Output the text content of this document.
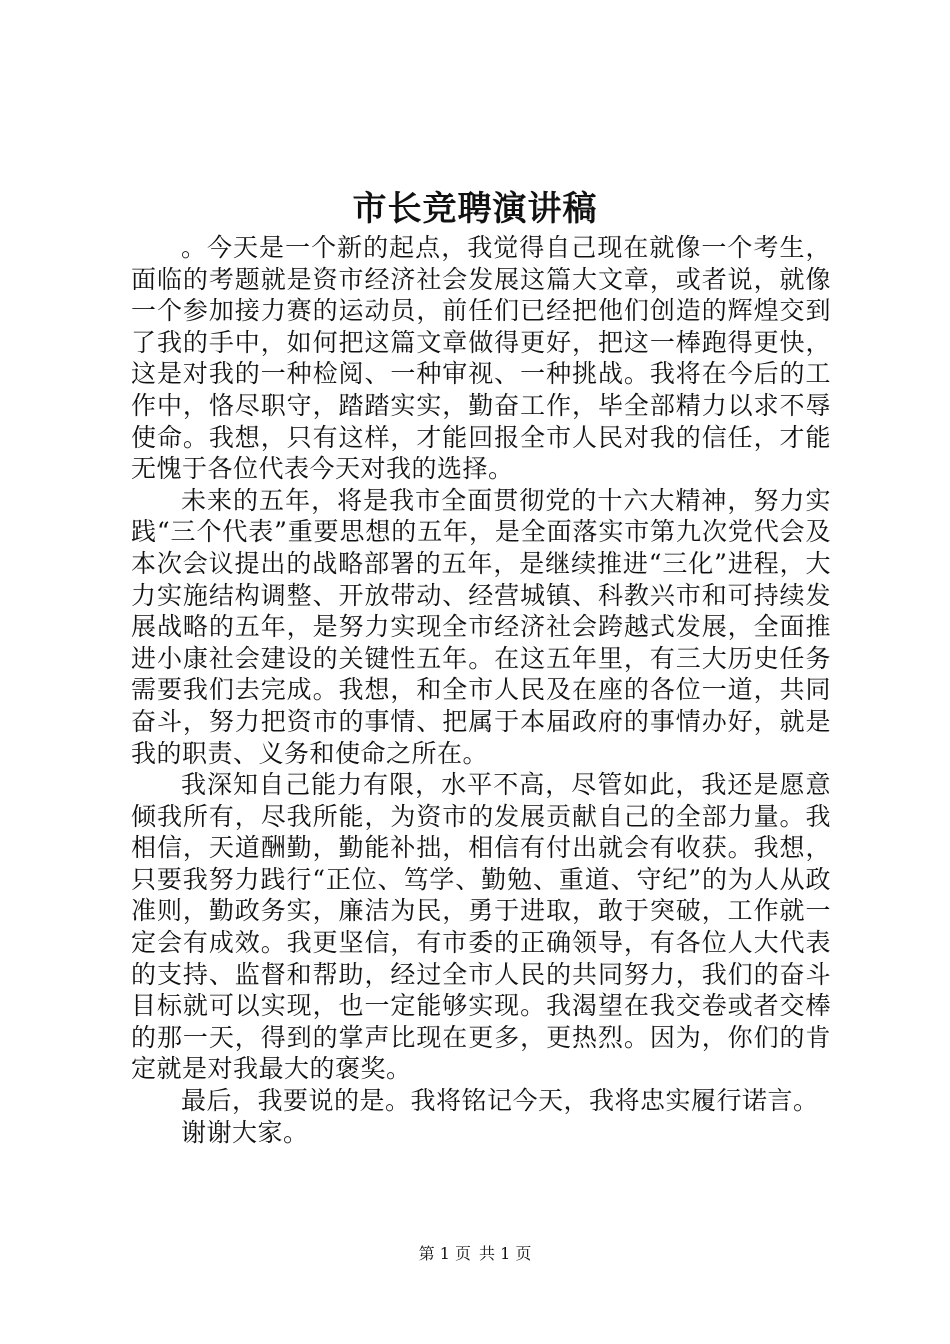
市长竞聘演讲稿

。今天是一个新的起点，我觉得自己现在就像一个考生，面临的考题就是资市经济社会发展这篇大文章，或者说，就像一个参加接力赛的运动员，前任们已经把他们创造的辉煌交到了我的手中，如何把这篇文章做得更好，把这一棒跑得更快，这是对我的一种检阅、一种审视、一种挑战。我将在今后的工作中，恪尽职守，踏踏实实，勤奋工作，毕全部精力以求不辱使命。我想，只有这样，才能回报全市人民对我的信任，才能无愧于各位代表今天对我的选择。

未来的五年，将是我市全面贯彻党的十六大精神，努力实践“三个代表”重要思想的五年，是全面落实市第九次党代会及本次会议提出的战略部署的五年，是继续推进“三化”进程，大力实施结构调整、开放带动、经营城镇、科教兴市和可持续发展战略的五年，是努力实现全市经济社会跨越式发展，全面推进小康社会建设的关键性五年。在这五年里，有三大历史任务需要我们去完成。我想，和全市人民及在座的各位一道，共同奋斗，努力把资市的事情、把属于本届政府的事情办好，就是我的职责、义务和使命之所在。

我深知自己能力有限，水平不高，尽管如此，我还是愿意倾我所有，尽我所能，为资市的发展贡献自己的全部力量。我相信，天道酬勤，勤能补拙，相信有付出就会有收获。我想，只要我努力践行“正位、笃学、勤勉、重道、守纪”的为人从政准则，勤政务实，廉洁为民，勇于进取，敢于突破，工作就一定会有成效。我更坚信，有市委的正确领导，有各位人大代表的支持、监督和帮助，经过全市人民的共同努力，我们的奋斗目标就可以实现，也一定能够实现。我渴望在我交卷或者交棒的那一天，得到的掌声比现在更多，更热烈。因为，你们的肯定就是对我最大的褒奖。

最后，我要说的是。我将铭记今天，我将忠实履行诺言。

谢谢大家。

第 1 页 共 1 页
